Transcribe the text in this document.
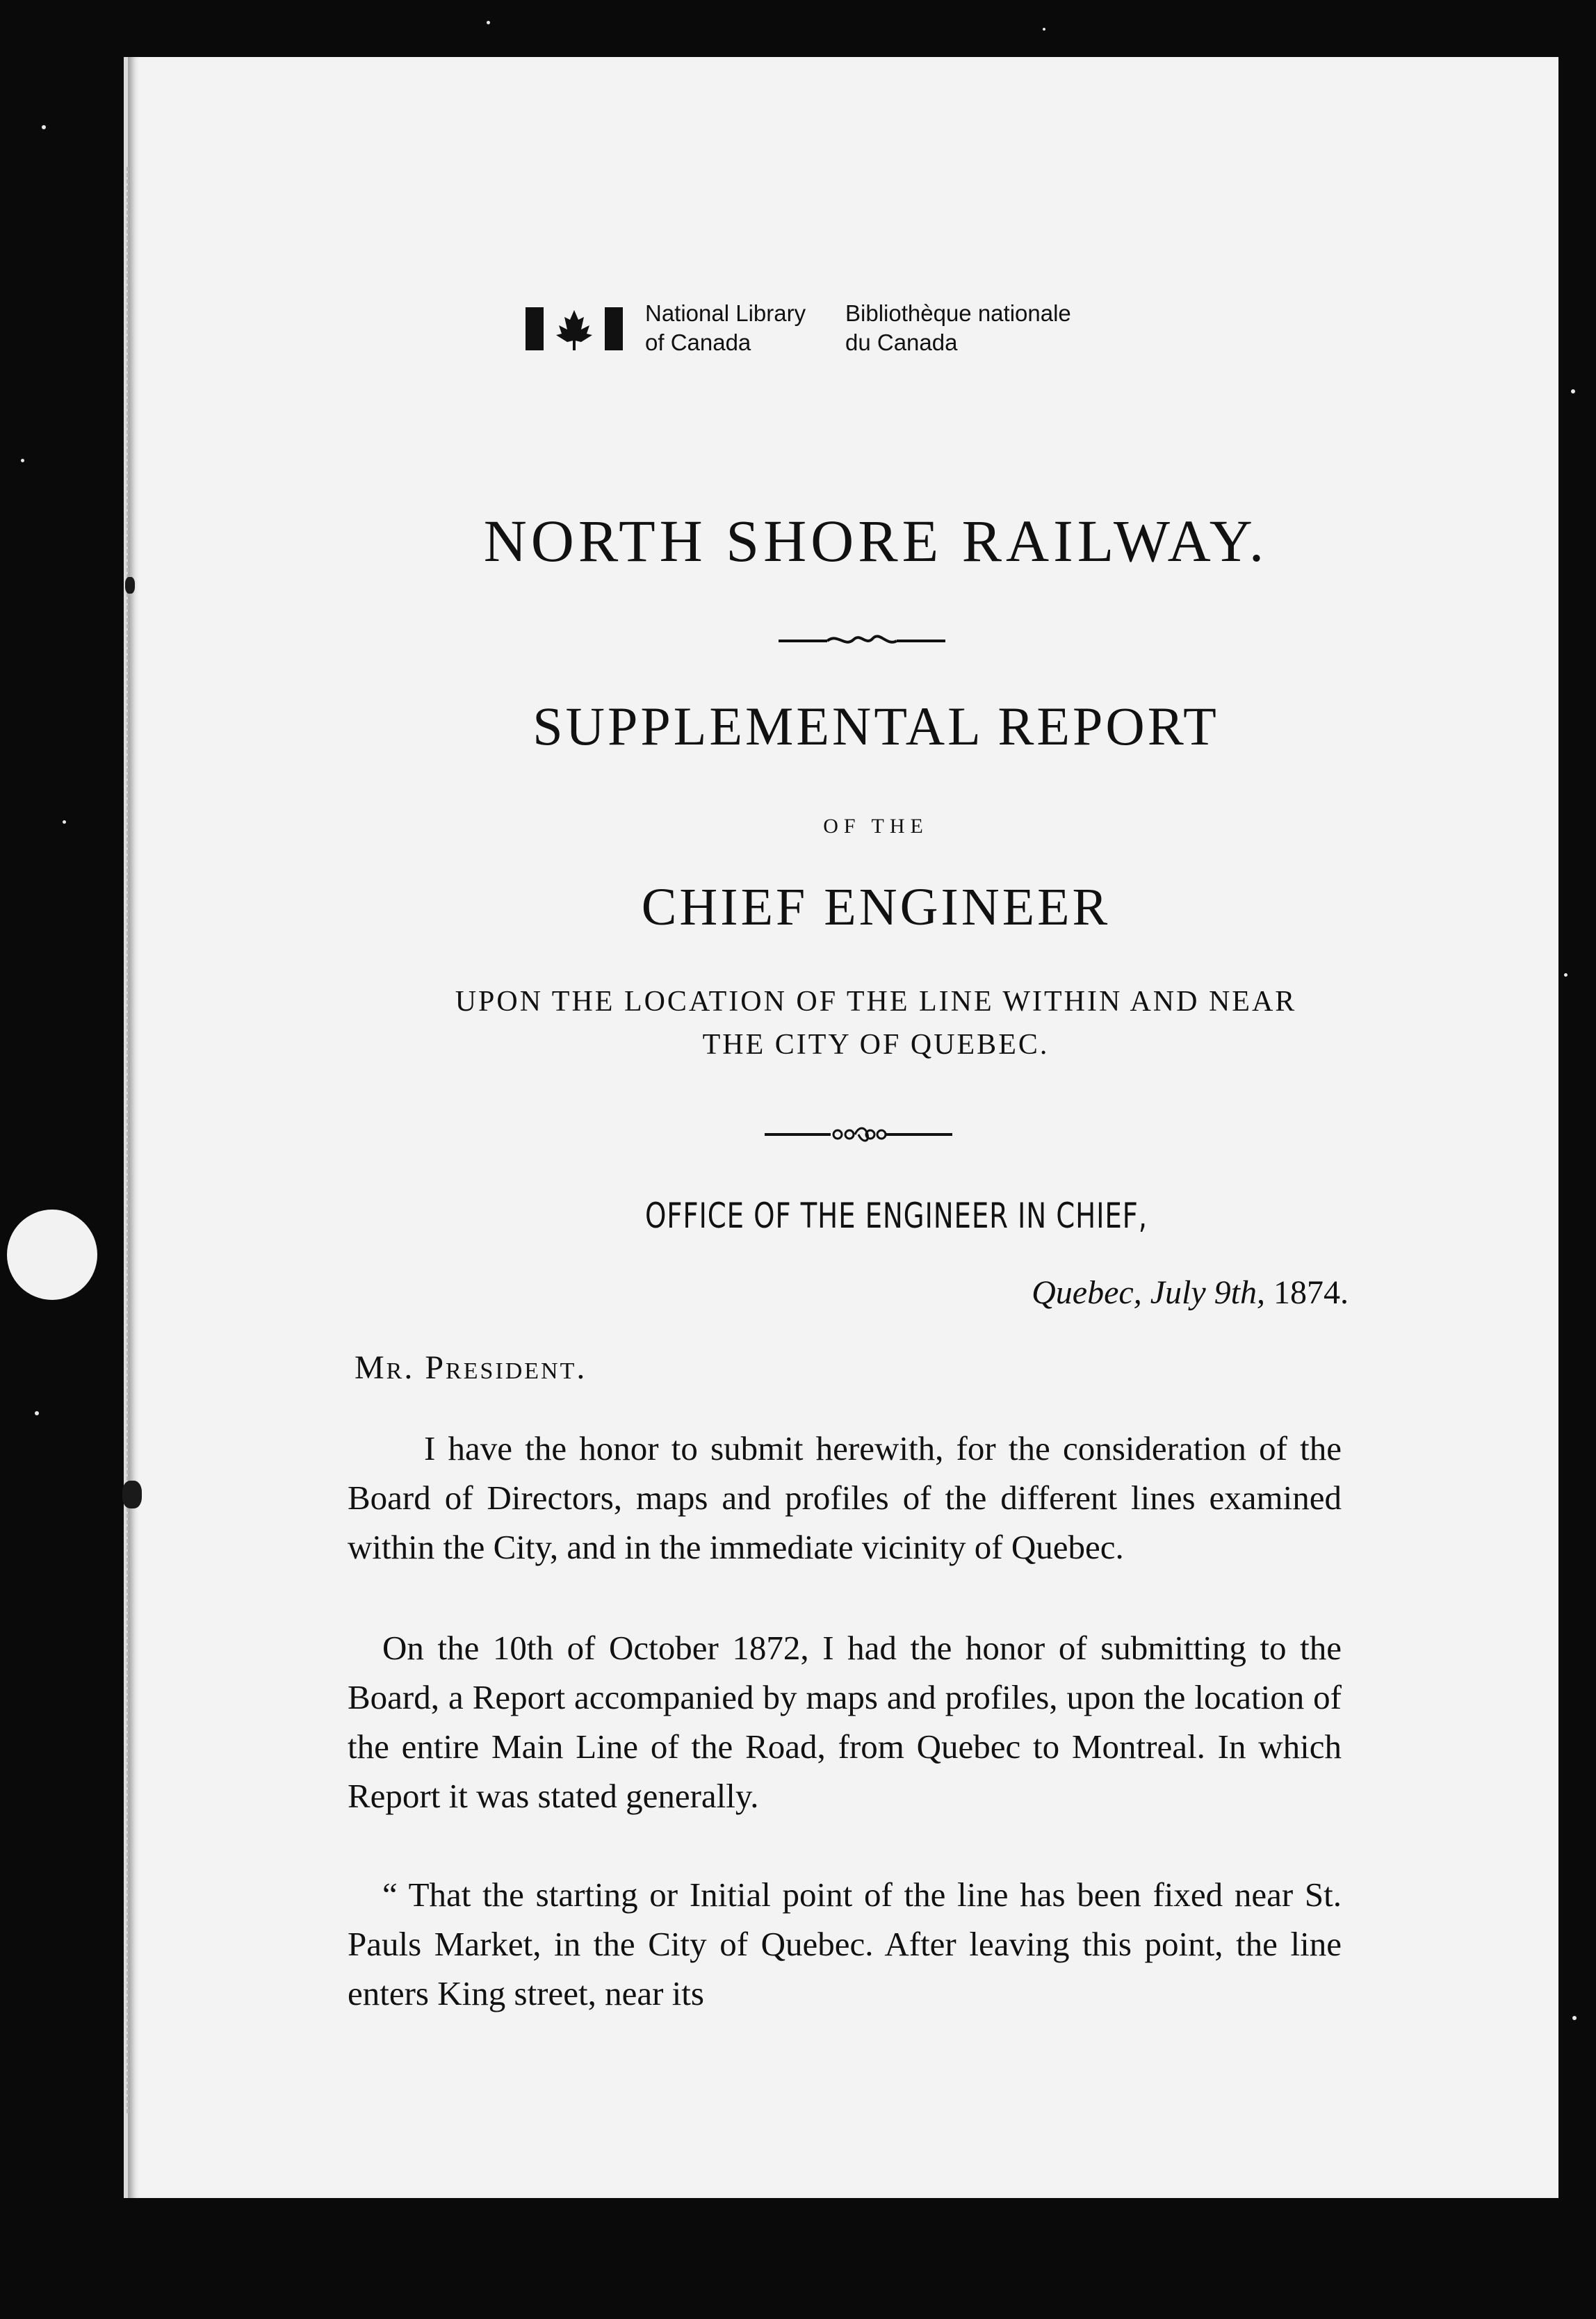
National Library
of Canada
Bibliothèque nationale
du Canada
NORTH SHORE RAILWAY.
SUPPLEMENTAL REPORT
OF THE
CHIEF ENGINEER
UPON THE LOCATION OF THE LINE WITHIN AND NEAR
THE CITY OF QUEBEC.
OFFICE OF THE ENGINEER IN CHIEF,
Quebec, July 9th, 1874.
Mr. President.

I have the honor to submit herewith, for the consideration of the Board of Directors, maps and profiles of the different lines examined within the City, and in the immediate vicinity of Quebec.

On the 10th of October 1872, I had the honor of submitting to the Board, a Report accompanied by maps and profiles, upon the location of the entire Main Line of the Road, from Quebec to Montreal. In which Report it was stated generally.

“ That the starting or Initial point of the line has been fixed near St. Pauls Market, in the City of Quebec. After leaving this point, the line enters King street, near its
